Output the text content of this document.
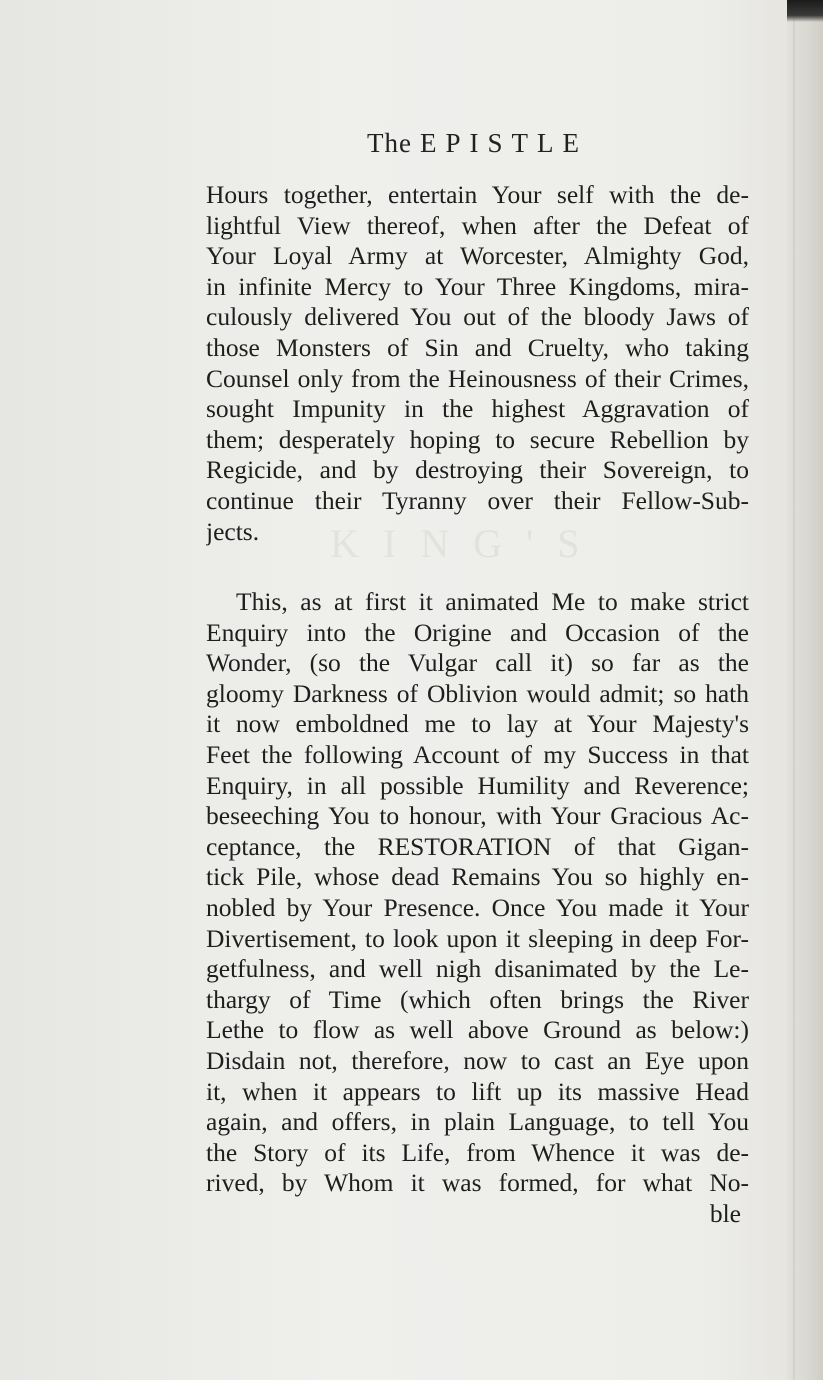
KING'S
The EPISTLE
Hours together, entertain Your self with the de-
lightful View thereof, when after the Defeat of
Your Loyal Army at Worcester, Almighty God,
in infinite Mercy to Your Three Kingdoms, mira-
culously delivered You out of the bloody Jaws of
those Monsters of Sin and Cruelty, who taking
Counsel only from the Heinousness of their Crimes,
sought Impunity in the highest Aggravation of
them; desperately hoping to secure Rebellion by
Regicide, and by destroying their Sovereign, to
continue their Tyranny over their Fellow-Sub-
jects.
This, as at first it animated Me to make strict
Enquiry into the Origine and Occasion of the
Wonder, (so the Vulgar call it) so far as the
gloomy Darkness of Oblivion would admit; so hath
it now emboldned me to lay at Your Majesty's
Feet the following Account of my Success in that
Enquiry, in all possible Humility and Reverence;
beseeching You to honour, with Your Gracious Ac-
ceptance, the RESTORATION of that Gigan-
tick Pile, whose dead Remains You so highly en-
nobled by Your Presence. Once You made it Your
Divertisement, to look upon it sleeping in deep For-
getfulness, and well nigh disanimated by the Le-
thargy of Time (which often brings the River
Lethe to flow as well above Ground as below:)
Disdain not, therefore, now to cast an Eye upon
it, when it appears to lift up its massive Head
again, and offers, in plain Language, to tell You
the Story of its Life, from Whence it was de-
rived, by Whom it was formed, for what No-
ble
